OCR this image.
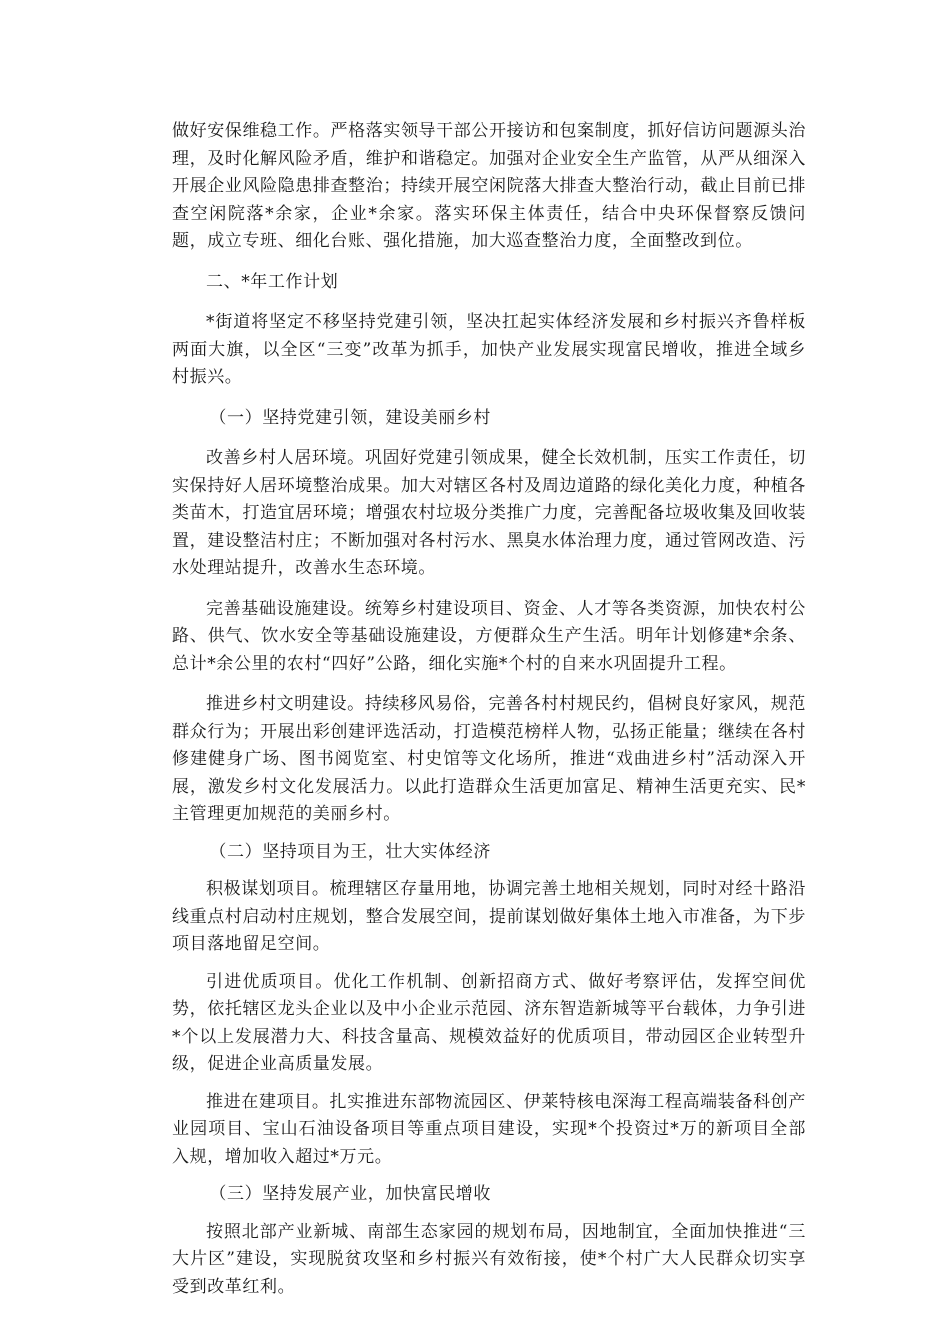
做好安保维稳工作。严格落实领导干部公开接访和包案制度，抓好信访问题源头治理，及时化解风险矛盾，维护和谐稳定。加强对企业安全生产监管，从严从细深入开展企业风险隐患排查整治；持续开展空闲院落大排查大整治行动，截止目前已排查空闲院落*余家，企业*余家。落实环保主体责任，结合中央环保督察反馈问题，成立专班、细化台账、强化措施，加大巡查整治力度，全面整改到位。

二、*年工作计划

*街道将坚定不移坚持党建引领，坚决扛起实体经济发展和乡村振兴齐鲁样板两面大旗，以全区“三变”改革为抓手，加快产业发展实现富民增收，推进全域乡村振兴。

（一）坚持党建引领，建设美丽乡村

改善乡村人居环境。巩固好党建引领成果，健全长效机制，压实工作责任，切实保持好人居环境整治成果。加大对辖区各村及周边道路的绿化美化力度，种植各类苗木，打造宜居环境；增强农村垃圾分类推广力度，完善配备垃圾收集及回收装置，建设整洁村庄；不断加强对各村污水、黑臭水体治理力度，通过管网改造、污水处理站提升，改善水生态环境。

完善基础设施建设。统筹乡村建设项目、资金、人才等各类资源，加快农村公路、供气、饮水安全等基础设施建设，方便群众生产生活。明年计划修建*余条、总计*余公里的农村“四好”公路，细化实施*个村的自来水巩固提升工程。

推进乡村文明建设。持续移风易俗，完善各村村规民约，倡树良好家风，规范群众行为；开展出彩创建评选活动，打造模范榜样人物，弘扬正能量；继续在各村修建健身广场、图书阅览室、村史馆等文化场所，推进“戏曲进乡村”活动深入开展，激发乡村文化发展活力。以此打造群众生活更加富足、精神生活更充实、民*主管理更加规范的美丽乡村。

（二）坚持项目为王，壮大实体经济

积极谋划项目。梳理辖区存量用地，协调完善土地相关规划，同时对经十路沿线重点村启动村庄规划，整合发展空间，提前谋划做好集体土地入市准备，为下步项目落地留足空间。

引进优质项目。优化工作机制、创新招商方式、做好考察评估，发挥空间优势，依托辖区龙头企业以及中小企业示范园、济东智造新城等平台载体，力争引进*个以上发展潜力大、科技含量高、规模效益好的优质项目，带动园区企业转型升级，促进企业高质量发展。

推进在建项目。扎实推进东部物流园区、伊莱特核电深海工程高端装备科创产业园项目、宝山石油设备项目等重点项目建设，实现*个投资过*万的新项目全部入规，增加收入超过*万元。

（三）坚持发展产业，加快富民增收

按照北部产业新城、南部生态家园的规划布局，因地制宜，全面加快推进“三大片区”建设，实现脱贫攻坚和乡村振兴有效衔接，使*个村广大人民群众切实享受到改革红利。
